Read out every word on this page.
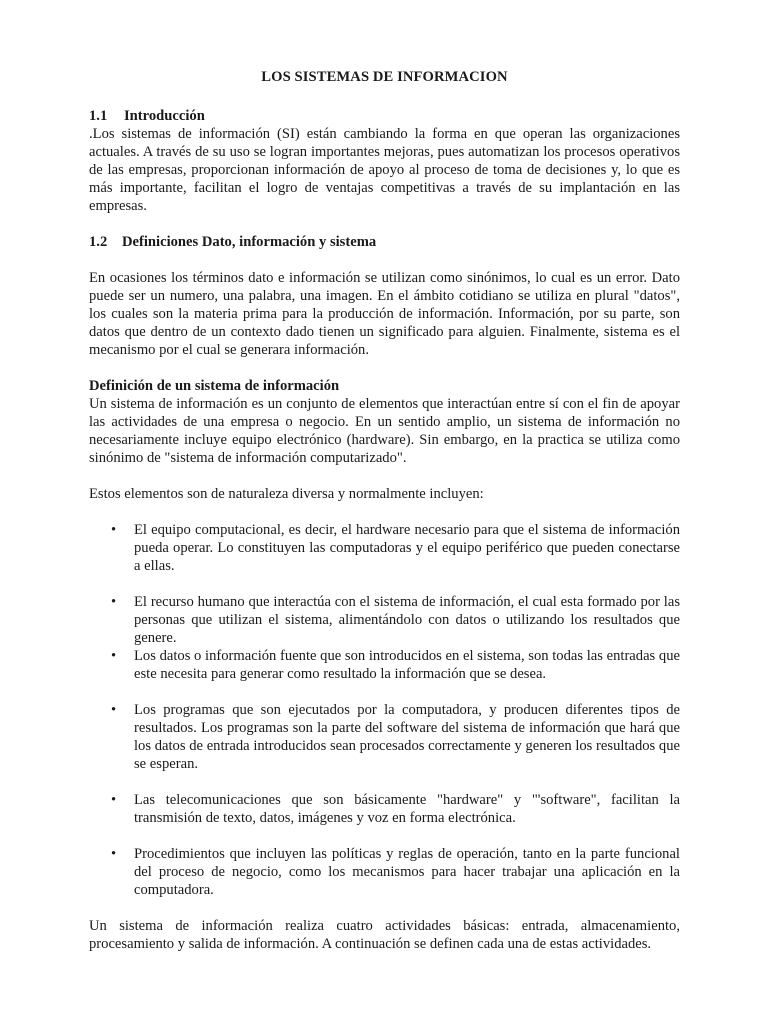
LOS SISTEMAS DE INFORMACION
1.1 Introducción

.Los sistemas de información (SI) están cambiando la forma en que operan las organizaciones actuales. A través de su uso se logran importantes mejoras, pues automatizan los procesos operativos de las empresas, proporcionan información de apoyo al proceso de toma de decisiones y, lo que es más importante, facilitan el logro de ventajas competitivas a través de su implantación en las empresas.

1.2 Definiciones Dato, información y sistema

En ocasiones los términos dato e información se utilizan como sinónimos, lo cual es un error. Dato puede ser un numero, una palabra, una imagen. En el ámbito cotidiano se utiliza en plural "datos", los cuales son la materia prima para la producción de información. Información, por su parte, son datos que dentro de un contexto dado tienen un significado para alguien. Finalmente, sistema es el mecanismo por el cual se generara información.

Definición de un sistema de información

Un sistema de información es un conjunto de elementos que interactúan entre sí con el fin de apoyar las actividades de una empresa o negocio. En un sentido amplio, un sistema de información no necesariamente incluye equipo electrónico (hardware). Sin embargo, en la practica se utiliza como sinónimo de "sistema de información computarizado".

Estos elementos son de naturaleza diversa y normalmente incluyen:

• El equipo computacional, es decir, el hardware necesario para que el sistema de información pueda operar. Lo constituyen las computadoras y el equipo periférico que pueden conectarse a ellas.
• El recurso humano que interactúa con el sistema de información, el cual esta formado por las personas que utilizan el sistema, alimentándolo con datos o utilizando los resultados que genere.
• Los datos o información fuente que son introducidos en el sistema, son todas las entradas que este necesita para generar como resultado la información que se desea.
• Los programas que son ejecutados por la computadora, y producen diferentes tipos de resultados. Los programas son la parte del software del sistema de información que hará que los datos de entrada introducidos sean procesados correctamente y generen los resultados que se esperan.
• Las telecomunicaciones que son básicamente "hardware" y "'software", facilitan la transmisión de texto, datos, imágenes y voz en forma electrónica.
• Procedimientos que incluyen las políticas y reglas de operación, tanto en la parte funcional del proceso de negocio, como los mecanismos para hacer trabajar una aplicación en la computadora.

Un sistema de información realiza cuatro actividades básicas: entrada, almacenamiento, procesamiento y salida de información. A continuación se definen cada una de estas actividades.
